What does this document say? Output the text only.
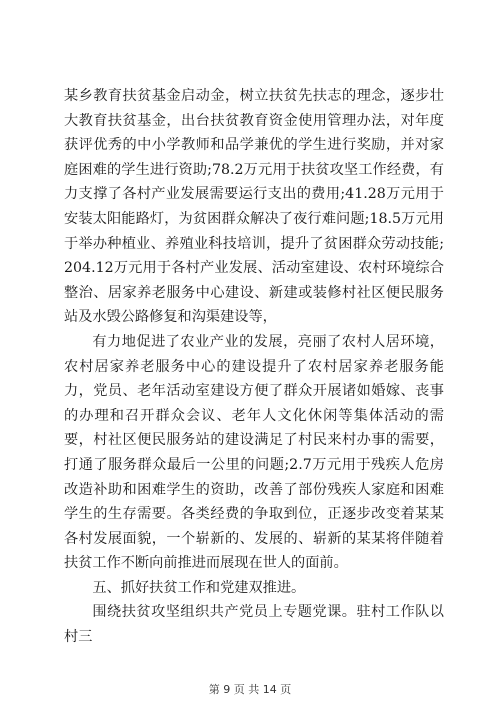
某乡教育扶贫基金启动金，树立扶贫先扶志的理念，逐步壮大教育扶贫基金，出台扶贫教育资金使用管理办法，对年度获评优秀的中小学教师和品学兼优的学生进行奖励，并对家庭困难的学生进行资助;78.2万元用于扶贫攻坚工作经费，有力支撑了各村产业发展需要运行支出的费用;41.28万元用于安装太阳能路灯，为贫困群众解决了夜行难问题;18.5万元用于举办种植业、养殖业科技培训，提升了贫困群众劳动技能;204.12万元用于各村产业发展、活动室建设、农村环境综合整治、居家养老服务中心建设、新建或装修村社区便民服务站及水毁公路修复和沟渠建设等，

有力地促进了农业产业的发展，亮丽了农村人居环境，农村居家养老服务中心的建设提升了农村居家养老服务能力，党员、老年活动室建设方便了群众开展诸如婚嫁、丧事的办理和召开群众会议、老年人文化休闲等集体活动的需要，村社区便民服务站的建设满足了村民来村办事的需要，打通了服务群众最后一公里的问题;2.7万元用于残疾人危房改造补助和困难学生的资助，改善了部份残疾人家庭和困难学生的生存需要。各类经费的争取到位，正逐步改变着某某各村发展面貌，一个崭新的、发展的、崭新的某某将伴随着扶贫工作不断向前推进而展现在世人的面前。

五、抓好扶贫工作和党建双推进。

围绕扶贫攻坚组织共产党员上专题党课。驻村工作队以村三

第 9 页 共 14 页
